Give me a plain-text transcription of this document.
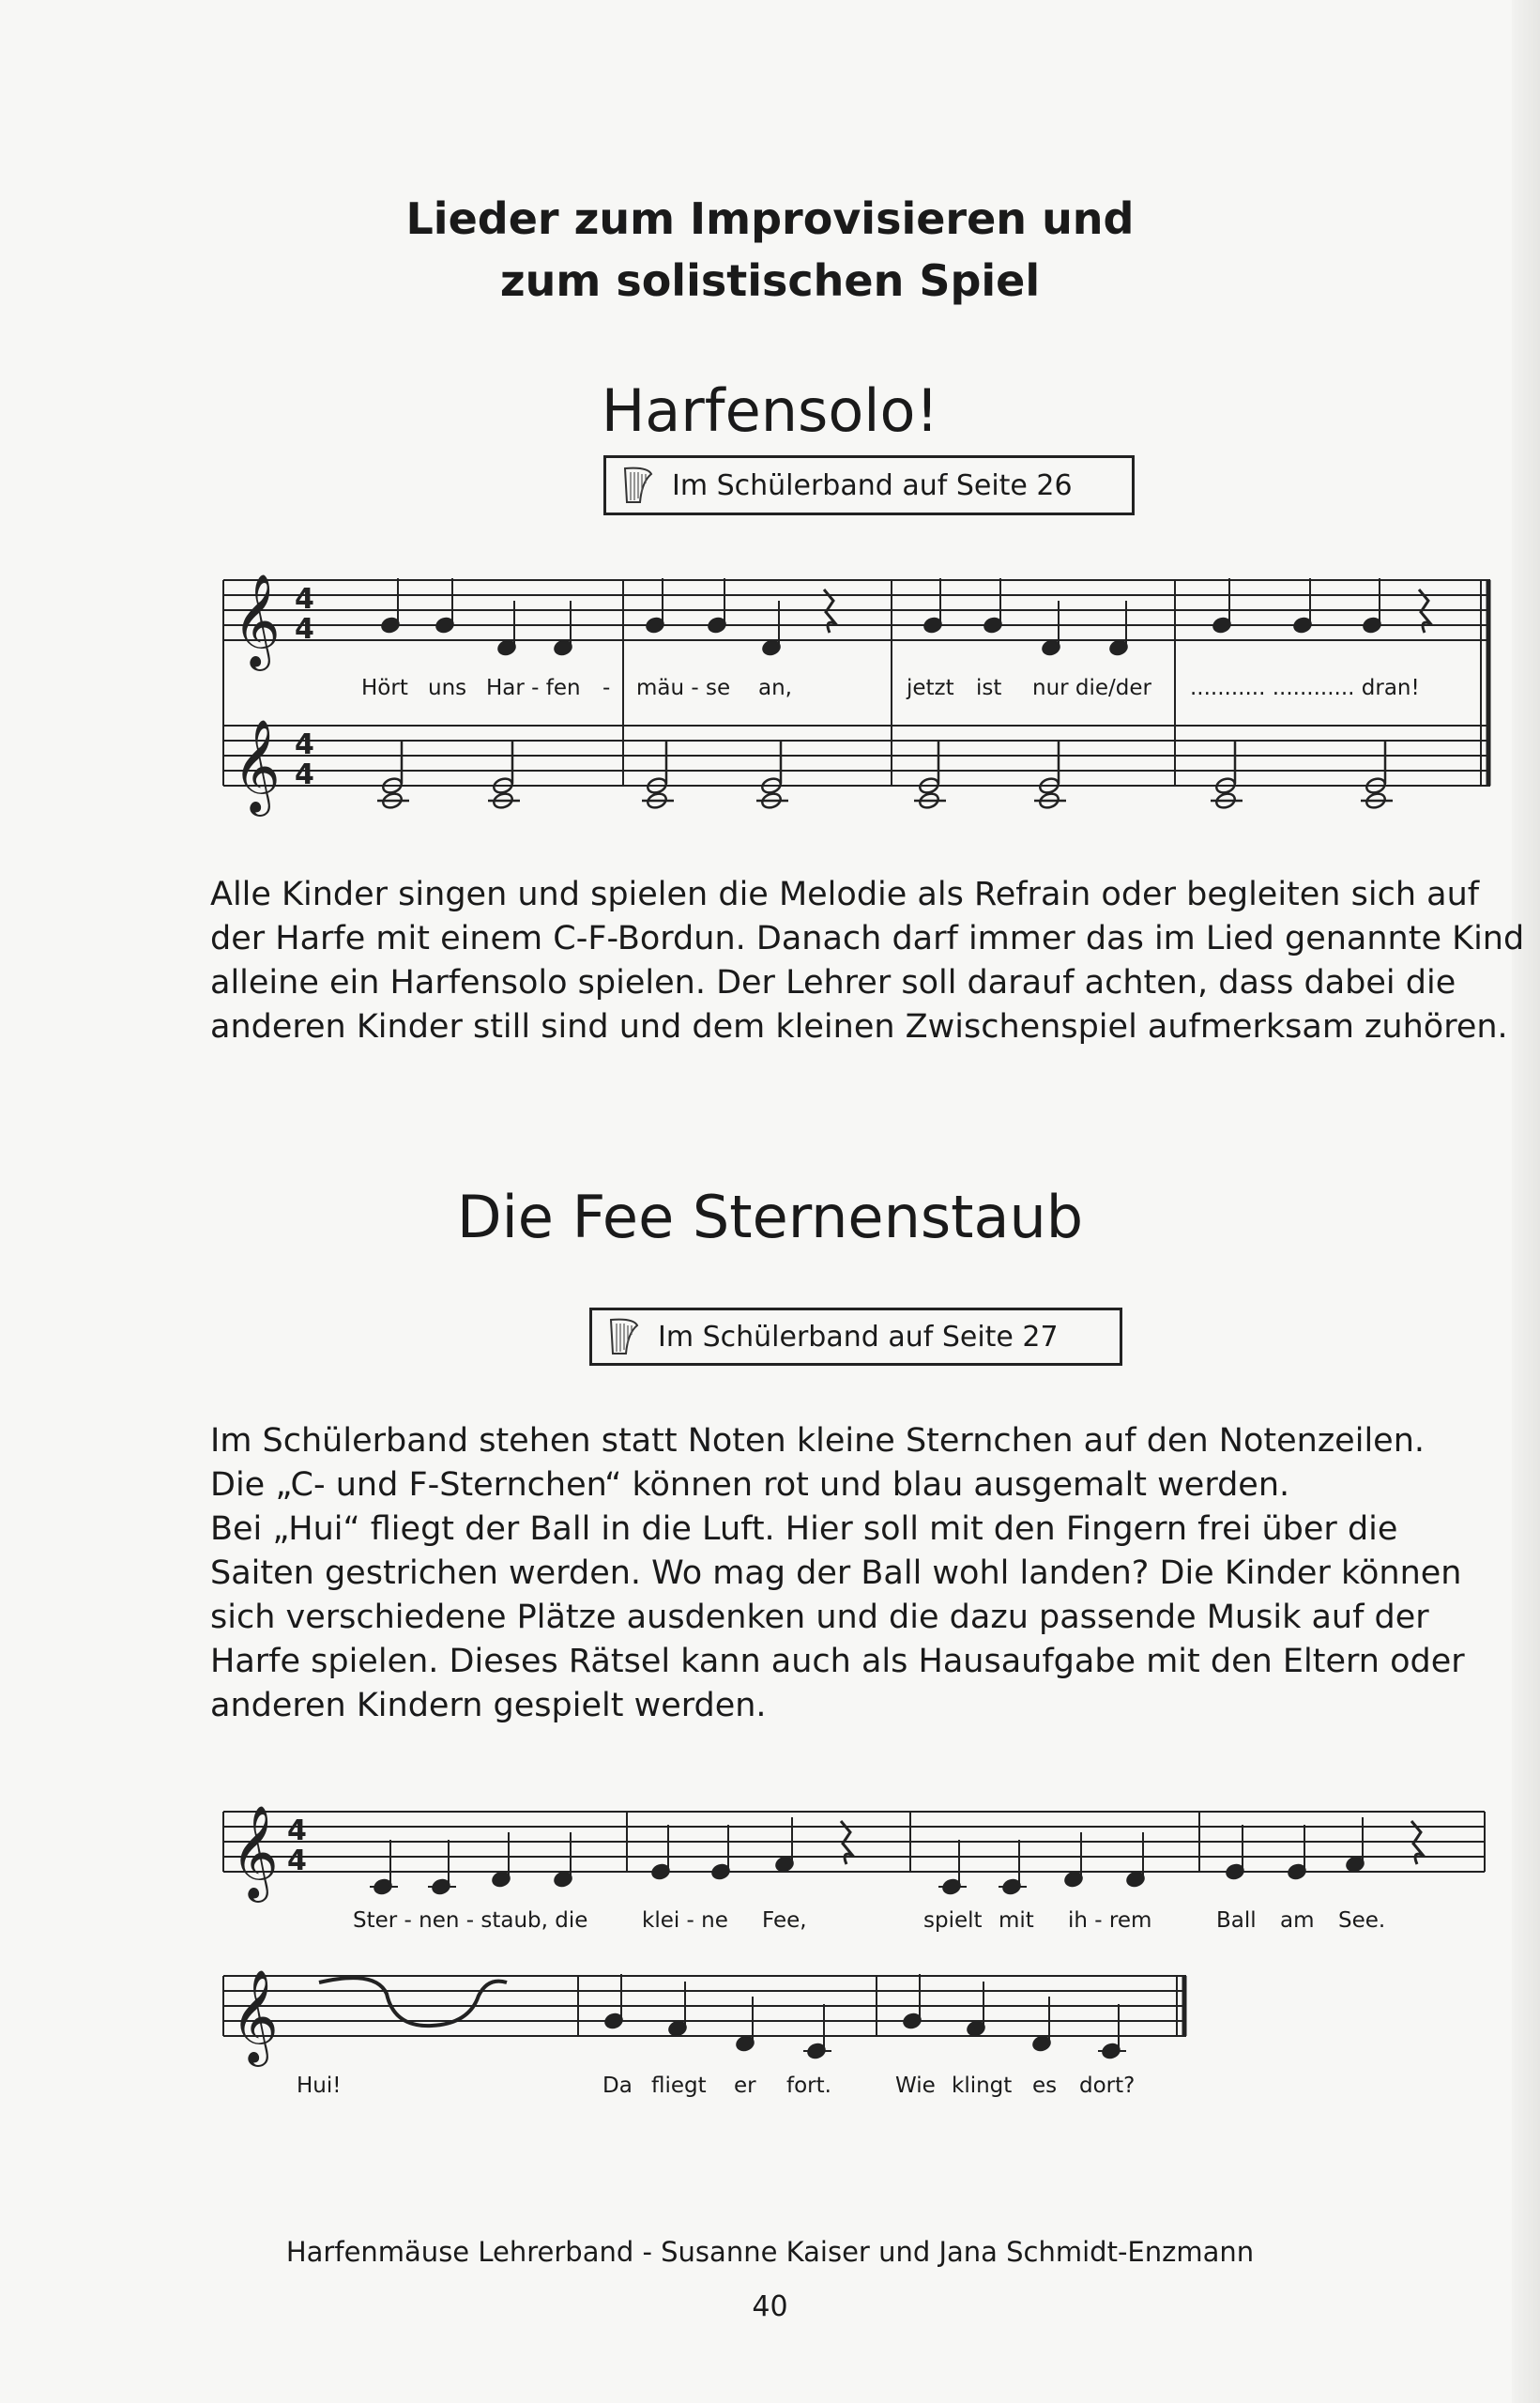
Lieder zum Improvisieren und
zum solistischen Spiel
Harfensolo!
Im Schülerband auf Seite 26
𝄞
𝄞
4
4
4
4
Hört uns Har - fen - mäu - se an,	jetzt ist nur die/der ........... ............ dran!

Alle Kinder singen und spielen die Melodie als Refrain oder begleiten sich auf

der Harfe mit einem C-F-Bordun. Danach darf immer das im Lied genannte Kind

alleine ein Harfensolo spielen. Der Lehrer soll darauf achten, dass dabei die

anderen Kinder still sind und dem kleinen Zwischenspiel aufmerksam zuhören.

Die Fee Sternenstaub
Im Schülerband auf Seite 27

Im Schülerband stehen statt Noten kleine Sternchen auf den Notenzeilen.

Die „C- und F-Sternchen“ können rot und blau ausgemalt werden.

Bei „Hui“ fliegt der Ball in die Luft. Hier soll mit den Fingern frei über die

Saiten gestrichen werden. Wo mag der Ball wohl landen? Die Kinder können

sich verschiedene Plätze ausdenken und die dazu passende Musik auf der

Harfe spielen. Dieses Rätsel kann auch als Hausaufgabe mit den Eltern oder

anderen Kindern gespielt werden.

𝄞 4
4
𝄞
Ster - nen - staub, die	klei - ne Fee,	spielt mit ih - rem	Ball am See.
Hui!	Da fliegt er fort.	Wie klingt es dort?
Harfenmäuse Lehrerband - Susanne Kaiser und Jana Schmidt-Enzmann
40
